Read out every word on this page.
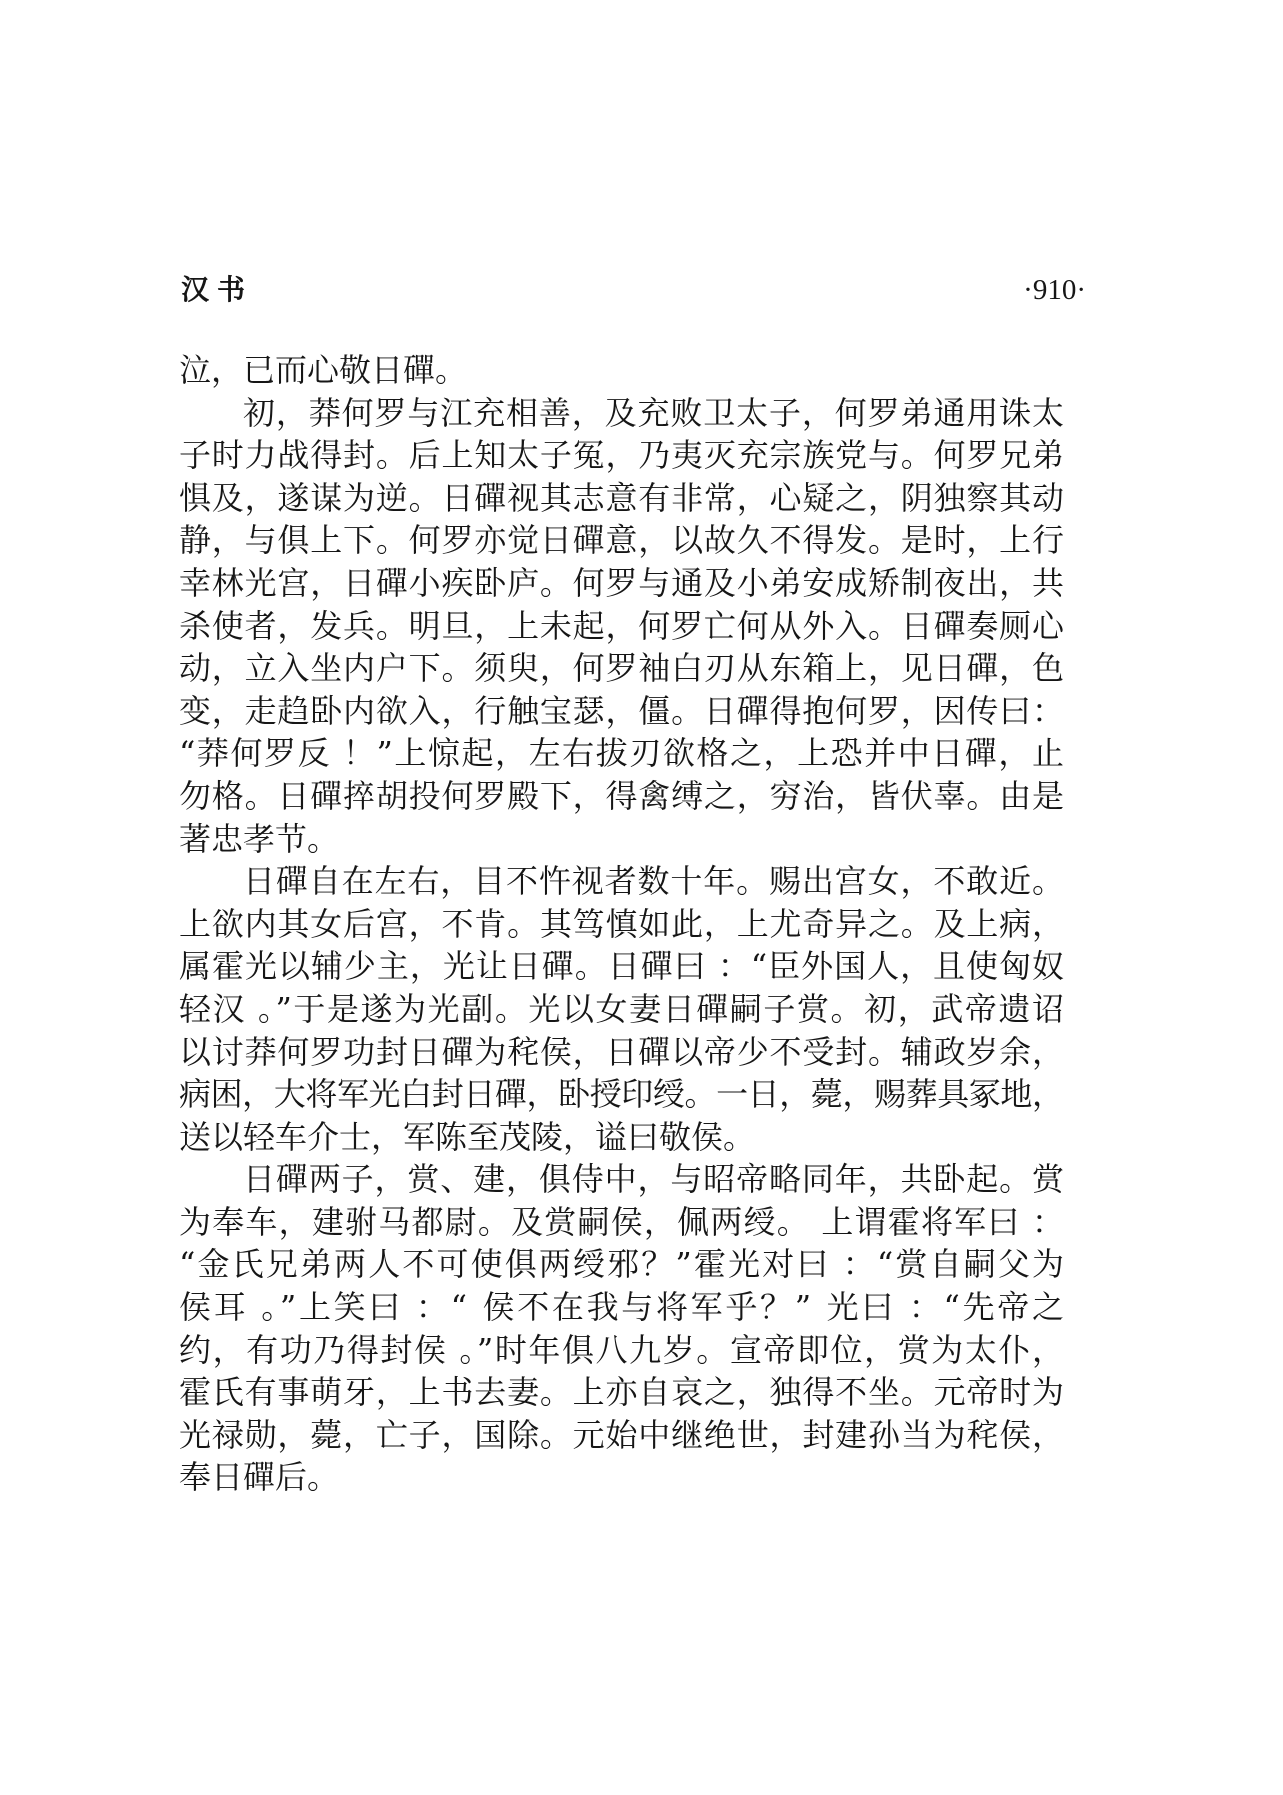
汉书	·910·
泣，已而心敬日磾。
初，莽何罗与江充相善，及充败卫太子，何罗弟通用诛太
子时力战得封。后上知太子冤，乃夷灭充宗族党与。何罗兄弟
惧及，遂谋为逆。日磾视其志意有非常，心疑之，阴独察其动
静，与俱上下。何罗亦觉日磾意，以故久不得发。是时，上行
幸林光宫，日磾小疾卧庐。何罗与通及小弟安成矫制夜出，共
杀使者，发兵。明旦，上未起，何罗亡何从外入。日磾奏厕心
动，立入坐内户下。须臾，何罗袖白刃从东箱上，见日磾，色
变，走趋卧内欲入，行触宝瑟，僵。日磾得抱何罗，因传曰：
“莽何罗反 ！”上惊起，左右拔刃欲格之，上恐并中日磾，止
勿格。日磾捽胡投何罗殿下，得禽缚之，穷治，皆伏辜。由是
著忠孝节。
日磾自在左右，目不忤视者数十年。赐出宫女，不敢近。
上欲内其女后宫，不肯。其笃慎如此，上尤奇异之。及上病，
属霍光以辅少主，光让日磾。日磾曰 ：“臣外国人，且使匈奴
轻汉 。”于是遂为光副。光以女妻日磾嗣子赏。初，武帝遗诏
以讨莽何罗功封日磾为秺侯，日磾以帝少不受封。辅政岁余，
病困，大将军光白封日磾，卧授印绶。一日，薨，赐葬具冢地，
送以轻车介士，军陈至茂陵，谥曰敬侯。
日磾两子，赏、建，俱侍中，与昭帝略同年，共卧起。赏
为奉车，建驸马都尉。及赏嗣侯，佩两绶。 上谓霍将军曰 ：
“金氏兄弟两人不可使俱两绶邪？”霍光对曰 ：“赏自嗣父为
侯耳 。”上笑曰 ：“ 侯不在我与将军乎？” 光曰 ：“先帝之
约，有功乃得封侯 。”时年俱八九岁。宣帝即位，赏为太仆，
霍氏有事萌牙，上书去妻。上亦自哀之，独得不坐。元帝时为
光禄勋，薨，亡子，国除。元始中继绝世，封建孙当为秺侯，
奉日磾后。
